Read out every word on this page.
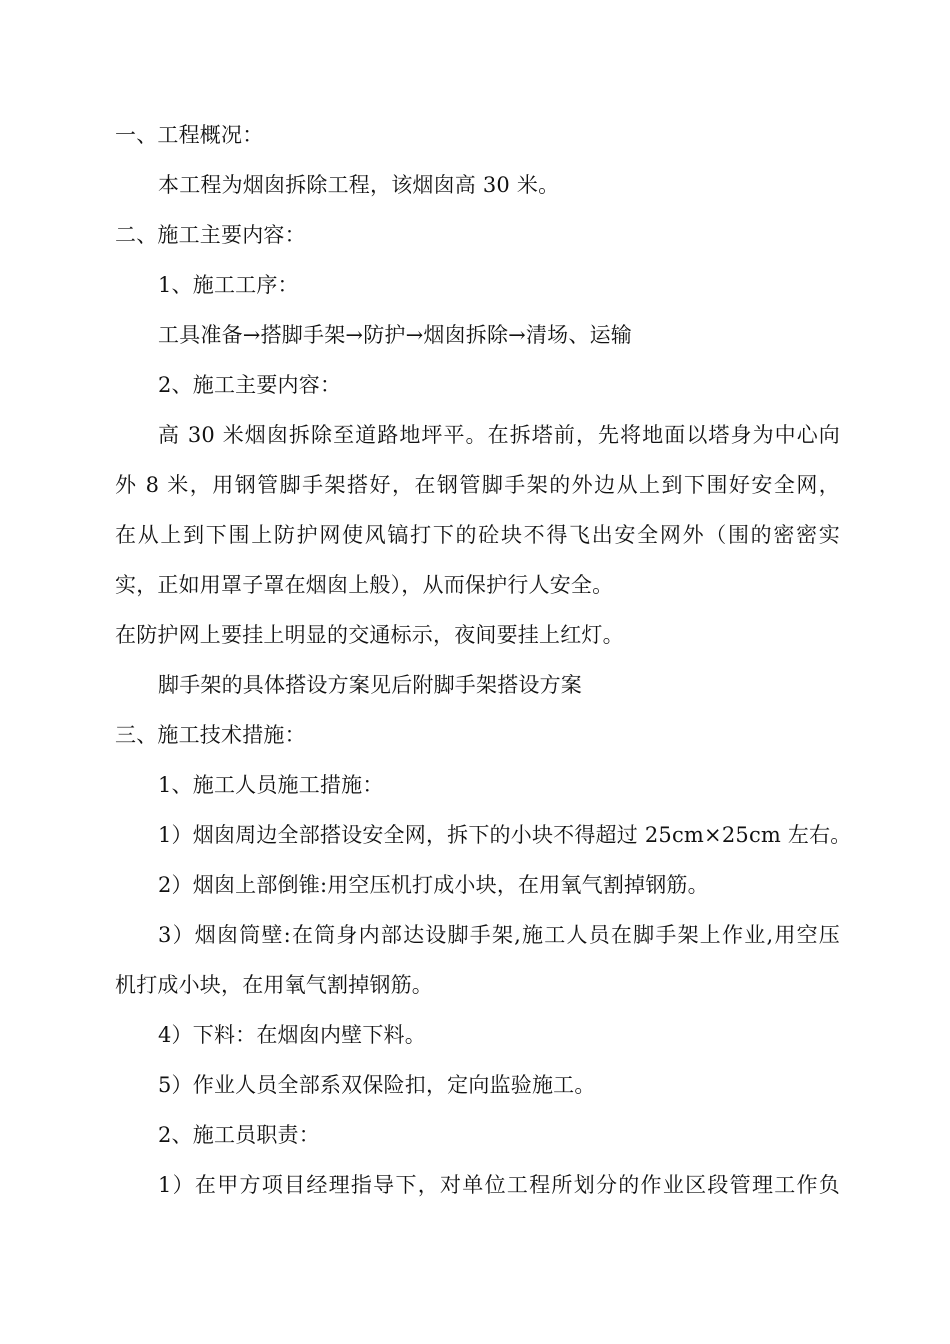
一、工程概况：
本工程为烟囱拆除工程，该烟囱高 30 米。
二、施工主要内容：
1、施工工序：
工具准备→搭脚手架→防护→烟囱拆除→清场、运输
2、施工主要内容：
高 30 米烟囱拆除至道路地坪平。在拆塔前，先将地面以塔身为中心向
外 8 米，用钢管脚手架搭好，在钢管脚手架的外边从上到下围好安全网，
在从上到下围上防护网使风镐打下的砼块不得飞出安全网外（围的密密实
实，正如用罩子罩在烟囱上般），从而保护行人安全。
在防护网上要挂上明显的交通标示，夜间要挂上红灯。
脚手架的具体搭设方案见后附脚手架搭设方案
三、施工技术措施：
1、施工人员施工措施：
1）烟囱周边全部搭设安全网，拆下的小块不得超过 25cm×25cm 左右。
2）烟囱上部倒锥:用空压机打成小块，在用氧气割掉钢筋。
3）烟囱筒壁:在筒身内部达设脚手架,施工人员在脚手架上作业,用空压
机打成小块，在用氧气割掉钢筋。
4）下料：在烟囱内壁下料。
5）作业人员全部系双保险扣，定向监验施工。
2、施工员职责：
1）在甲方项目经理指导下，对单位工程所划分的作业区段管理工作负
